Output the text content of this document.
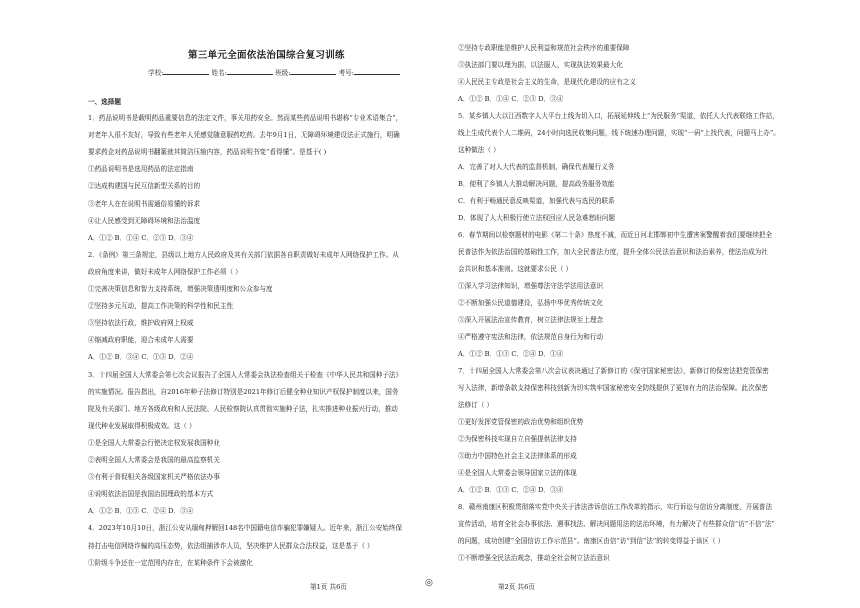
第三单元全面依法治国综合复习训练
学校:	姓名:	班级:	考号:
一、选择题
1．药品说明书是载明药品重要信息的法定文件，事关用药安全。然而某些药品说明书堪称“专业术语集合”，
对老年人很不友好，导致有些老年人凭感觉随意服药吃药。去年9月1日，无障碍环境建设法正式施行，明确
要求药企对药品说明书翻篆就其简洁压缩内容，药品说明书变“看得懂”。是基于( )
①药品说明书是选用药品的法定指南
②达成构建国与民互信新型关系的目的
③老年人在在说明书需通俗易懂的诉求
④让人民感受到无障碍环境和法治温度
A．①② B．①④ C．②③ D．③④
2．《条例》第三条规定，县级以上地方人民政府及其有关部门依据各自职责做好未成年人网络保护工作。从
政府角度来讲，做好未成年人网络保护工作必须（ ）
①完善决策信息和智力支持系统，增强决策透明度和公众参与度
②坚持多元互动，提高工作决策的科学性和民主性
③坚持依法行政，维护政府网上权威
④缩减政府职能，迎合未成年人需要
A．①② B．③④ C．①③ D．②④
3．十四届全国人大常委会第七次会议报告了全国人大常委会执法检查组关于检查《中华人民共和国种子法》
的实施情况。报告指出，自2016年种子法修订特别是2021年修订后健全种业知识产权保护制度以来，国务
院及有关部门、地方各级政府和人民法院、人民检察院认真贯彻实施种子法，扎实推进种业振兴行动，推动
现代种业发展取得积极成效。这（ ）
①是全国人大常委会行使决定权发展我国种业
②表明全国人大常委会是我国的最高监察机关
③有利于督促相关各级国家机关严格依法办事
④说明依法治国是我国治国理政的基本方式
A．①② B．①③ C．②④ D．③④
4．2023年10月10日，浙江公安从缅甸押解回148名中国籍电信诈骗犯罪嫌疑人。近年来，浙江公安始终保
持打击电信网络诈骗的高压态势，依法组捕涉诈人员，坚决维护人民群众合法权益，这是基于（ ）
①阶级斗争还在一定范围内存在，在某种条件下会被激化
②坚持专政职能是维护人民利益和规范社会秩序的重要保障
③执法部门要以理为据、以法服人，实现执法效果最大化
④人民民主专政是社会主义的生命，是现代化建设的应有之义
A．①② B．①④ C．②③ D．③④
5．某乡镇人大以江西数字人大平台上线为切入口，拓展延伸线上“为民服务”渠道，依托人大代表联络工作站，
线上生成代表个人二维码，24小时向选民收集问题，线下统速办理问题，实现“一码”上找代表，问题马上办”。
这种做法（ ）
A．完善了对人大代表的监督机制，确保代表履行义务
B．便利了乡镇人大推动解决问题，提高政务服务效能
C．有利于畅通民意反映渠道，加强代表与选民的联系
D．体现了人大积极行使立法权回应人民急难愁盼问题
6．春节期间以检察题材的电影《第二十条》热度不减，而近日河北邯郸初中生遭害案警醒着我们要继续把全
民普法作为依法治国的基础性工作，加大全民普法力度，提升全体公民法治意识和法治素养，使法治成为社
会共识和基本准则。这就要求公民（ ）
①深入学习法律知识，增强尊法守法学法用法意识
②不断加强公民道德建设，弘扬中华优秀传统文化
③深入开展法治宣传教育，树立法律法规至上理念
④严格遵守宪法和法律，依法规范自身行为和行动
A．①② B．①③ C．②④ D．①④
7．十四届全国人大常委会第八次会议表决通过了新修订的《保守国家秘密法》，新修订的保密法把党管保密
写入法律，新增条款支持保密科技创新为切实筑牢国家秘密安全防线提供了更加有力的法治保障。此次保密
法修订（ ）
①更好发挥党管保密的政治优势和组织优势
②为保密科技实现自立自强提供法律支持
③助力中国特色社会主义法律体系的形成
④是全国人大常委会领导国家立法的体现
A．①② B．①③ C．②④ D．③④
8．赣州南康区积极贯彻落实党中央关于涉法涉诉信访工作改革的指示，实行诉讼与信访分离制度，开展普法
宣传活动，培育全社会办事依法、遇事找法、解决问题用法的法治环境，有力解决了有些群众信“访”不信“法”
的问题，成功创建“全国信访工作示范县”。南康区由信“访”到信“法”的转变得益于该区（ ）
①不断增强全民法治观念，推动全社会树立法治意识
第1页 共6页	◎	第2页 共6页
